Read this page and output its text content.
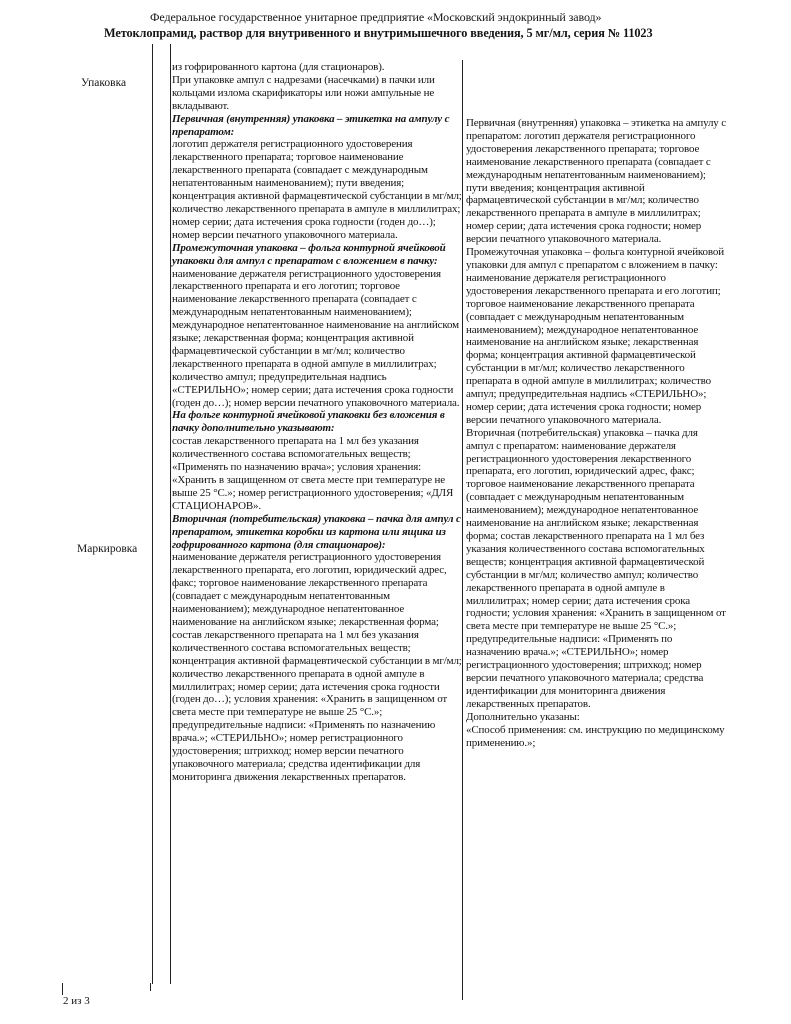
Федеральное государственное унитарное предприятие «Московский эндокринный завод»
Метоклопрамид, раствор для внутривенного и внутримышечного введения, 5 мг/мл, серия № 11023
Упаковка
Маркировка

из гофрированного картона (для стационаров).

При упаковке ампул с надрезами (насечками) в пачки или кольцами излома скарификаторы или ножи ампульные не вкладывают.

Первичная (внутренняя) упаковка – этикетка на ампулу с препаратом:

логотип держателя регистрационного удостоверения лекарственного препарата; торговое наименование лекарственного препарата (совпадает с международным непатентованным наименованием); пути введения; концентрация активной фармацевтической субстанции в мг/мл; количество лекарственного препарата в ампуле в миллилитрах; номер серии; дата истечения срока годности (годен до…); номер версии печатного упаковочного материала.

Промежуточная упаковка – фольга контурной ячейковой упаковки для ампул с препаратом с вложением в пачку:

наименование держателя регистрационного удостоверения лекарственного препарата и его логотип; торговое наименование лекарственного препарата (совпадает с международным непатентованным наименованием); международное непатентованное наименование на английском языке; лекарственная форма; концентрация активной фармацевтической субстанции в мг/мл; количество лекарственного препарата в одной ампуле в миллилитрах; количество ампул; предупредительная надпись «СТЕРИЛЬНО»; номер серии; дата истечения срока годности (годен до…); номер версии печатного упаковочного материала.

На фольге контурной ячейковой упаковки без вложения в пачку дополнительно указывают:

состав лекарственного препарата на 1 мл без указания количественного состава вспомогательных веществ; «Применять по назначению врача»; условия хранения: «Хранить в защищенном от света месте при температуре не выше 25 °С.»; номер регистрационного удостоверения; «ДЛЯ СТАЦИОНАРОВ».

Вторичная (потребительская) упаковка – пачка для ампул с препаратом, этикетка коробки из картона или ящика из гофрированного картона (для стационаров):

наименование держателя регистрационного удостоверения лекарственного препарата, его логотип, юридический адрес, факс; торговое наименование лекарственного препарата (совпадает с международным непатентованным наименованием); международное непатентованное наименование на английском языке; лекарственная форма; состав лекарственного препарата на 1 мл без указания количественного состава вспомогательных веществ; концентрация активной фармацевтической субстанции в мг/мл; количество лекарственного препарата в одной ампуле в миллилитрах; номер серии; дата истечения срока годности (годен до…); условия хранения: «Хранить в защищенном от света месте при температуре не выше 25 °С.»; предупредительные надписи: «Применять по назначению врача.»; «СТЕРИЛЬНО»; номер регистрационного удостоверения; штрихкод; номер версии печатного упаковочного материала; средства идентификации для мониторинга движения лекарственных препаратов.

Первичная (внутренняя) упаковка – этикетка на ампулу с препаратом: логотип держателя регистрационного удостоверения лекарственного препарата; торговое наименование лекарственного препарата (совпадает с международным непатентованным наименованием); пути введения; концентрация активной фармацевтической субстанции в мг/мл; количество лекарственного препарата в ампуле в миллилитрах; номер серии; дата истечения срока годности; номер версии печатного упаковочного материала.

Промежуточная упаковка – фольга контурной ячейковой упаковки для ампул с препаратом с вложением в пачку: наименование держателя регистрационного удостоверения лекарственного препарата и его логотип; торговое наименование лекарственного препарата (совпадает с международным непатентованным наименованием); международное непатентованное наименование на английском языке; лекарственная форма; концентрация активной фармацевтической субстанции в мг/мл; количество лекарственного препарата в одной ампуле в миллилитрах; количество ампул; предупредительная надпись «СТЕРИЛЬНО»; номер серии; дата истечения срока годности; номер версии печатного упаковочного материала.

Вторичная (потребительская) упаковка – пачка для ампул с препаратом: наименование держателя регистрационного удостоверения лекарственного препарата, его логотип, юридический адрес, факс; торговое наименование лекарственного препарата (совпадает с международным непатентованным наименованием); международное непатентованное наименование на английском языке; лекарственная форма; состав лекарственного препарата на 1 мл без указания количественного состава вспомогательных веществ; концентрация активной фармацевтической субстанции в мг/мл; количество ампул; количество лекарственного препарата в одной ампуле в миллилитрах; номер серии; дата истечения срока годности; условия хранения: «Хранить в защищенном от света месте при температуре не выше 25 °С.»; предупредительные надписи: «Применять по назначению врача.»; «СТЕРИЛЬНО»; номер регистрационного удостоверения; штрихкод; номер версии печатного упаковочного материала; средства идентификации для мониторинга движения лекарственных препаратов.

Дополнительно указаны:

«Способ применения: см. инструкцию по медицинскому применению.»;

2 из 3
